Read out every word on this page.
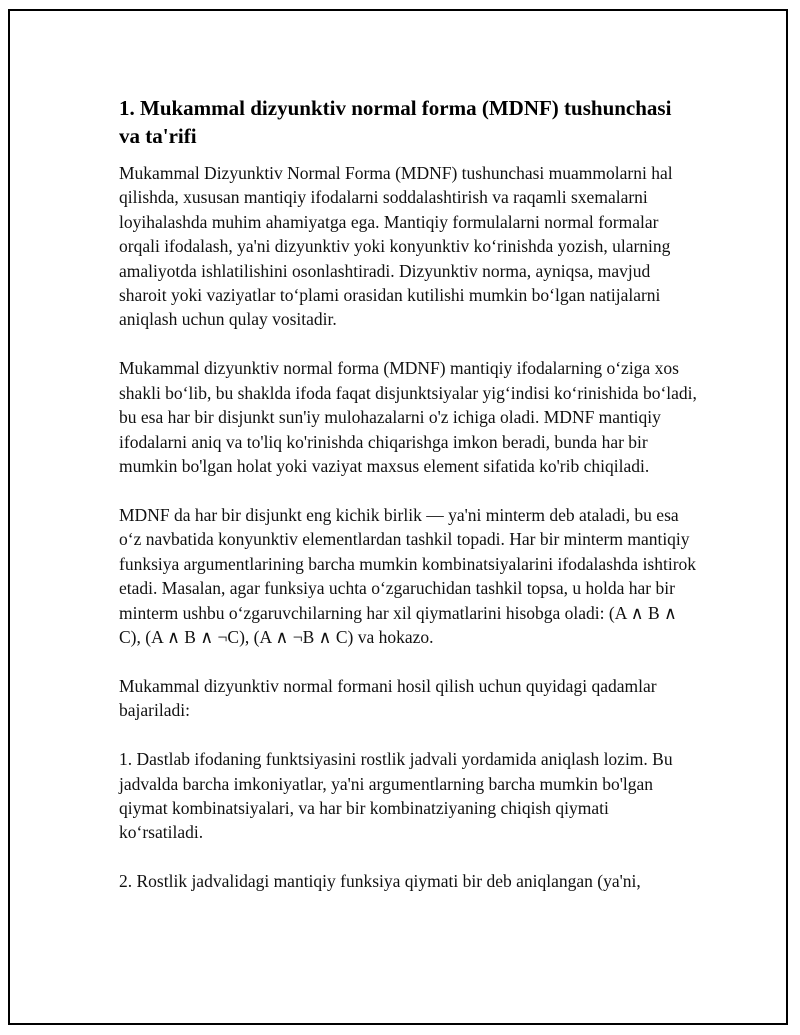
1. Mukammal dizyunktiv normal forma (MDNF) tushunchasi va ta'rifi

Mukammal Dizyunktiv Normal Forma (MDNF) tushunchasi muammolarni hal qilishda, xususan mantiqiy ifodalarni soddalashtirish va raqamli sxemalarni loyihalashda muhim ahamiyatga ega. Mantiqiy formulalarni normal formalar orqali ifodalash, ya'ni dizyunktiv yoki konyunktiv ko‘rinishda yozish, ularning amaliyotda ishlatilishini osonlashtiradi. Dizyunktiv norma, ayniqsa, mavjud sharoit yoki vaziyatlar to‘plami orasidan kutilishi mumkin bo‘lgan natijalarni aniqlash uchun qulay vositadir.

Mukammal dizyunktiv normal forma (MDNF) mantiqiy ifodalarning o‘ziga xos shakli bo‘lib, bu shaklda ifoda faqat disjunktsiyalar yig‘indisi ko‘rinishida bo‘ladi, bu esa har bir disjunkt sun'iy mulohazalarni o'z ichiga oladi. MDNF mantiqiy ifodalarni aniq va to'liq ko'rinishda chiqarishga imkon beradi, bunda har bir mumkin bo'lgan holat yoki vaziyat maxsus element sifatida ko'rib chiqiladi.

MDNF da har bir disjunkt eng kichik birlik — ya'ni minterm deb ataladi, bu esa o‘z navbatida konyunktiv elementlardan tashkil topadi. Har bir minterm mantiqiy funksiya argumentlarining barcha mumkin kombinatsiyalarini ifodalashda ishtirok etadi. Masalan, agar funksiya uchta o‘zgaruchidan tashkil topsa, u holda har bir minterm ushbu o‘zgaruvchilarning har xil qiymatlarini hisobga oladi: (A ∧ B ∧ C), (A ∧ B ∧ ¬C), (A ∧ ¬B ∧ C) va hokazo.

Mukammal dizyunktiv normal formani hosil qilish uchun quyidagi qadamlar bajariladi:

1. Dastlab ifodaning funktsiyasini rostlik jadvali yordamida aniqlash lozim. Bu jadvalda barcha imkoniyatlar, ya'ni argumentlarning barcha mumkin bo'lgan qiymat kombinatsiyalari, va har bir kombinatziyaning chiqish qiymati ko‘rsatiladi.

2. Rostlik jadvalidagi mantiqiy funksiya qiymati bir deb aniqlangan (ya'ni,
